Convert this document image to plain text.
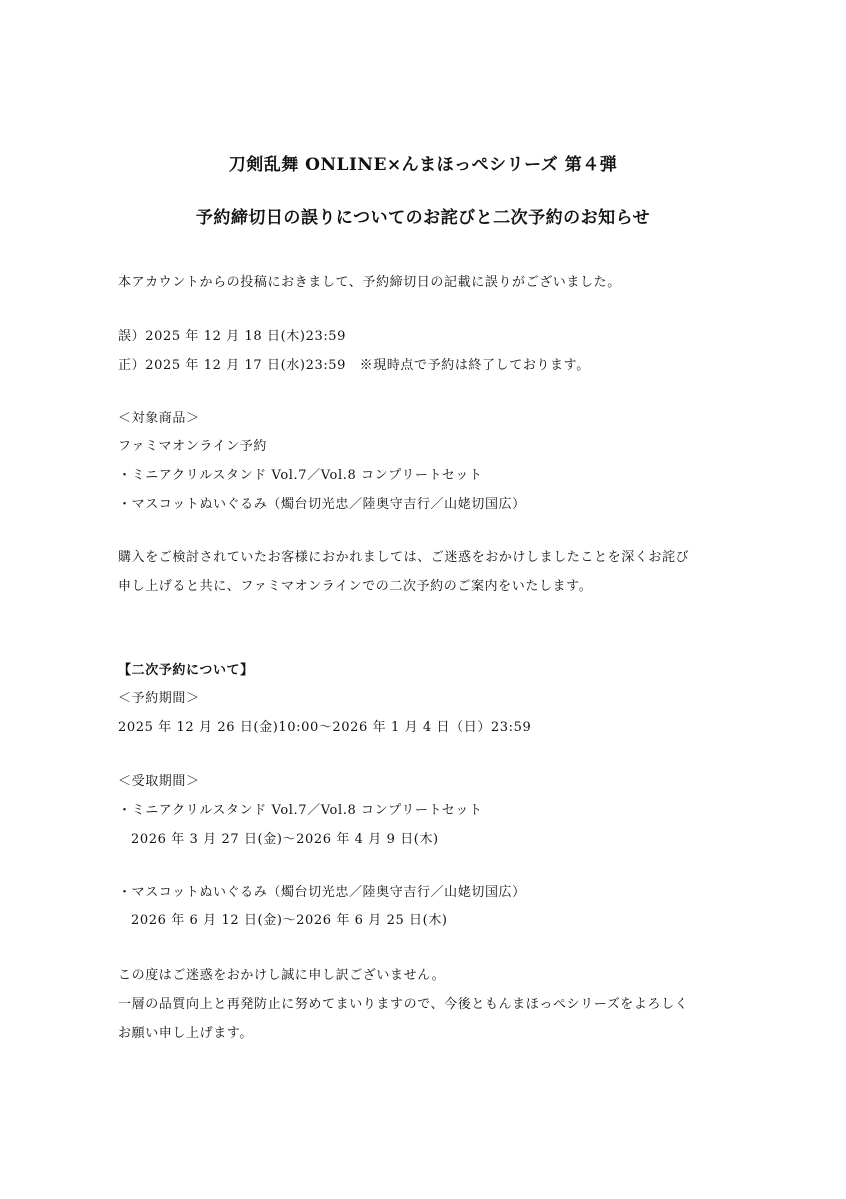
刀剣乱舞 ONLINE×んまほっぺシリーズ 第４弾
予約締切日の誤りについてのお詫びと二次予約のお知らせ
本アカウントからの投稿におきまして、予約締切日の記載に誤りがございました。
誤）2025 年 12 月 18 日(木)23:59
正）2025 年 12 月 17 日(水)23:59　※現時点で予約は終了しております。
＜対象商品＞
ファミマオンライン予約
・ミニアクリルスタンド Vol.7／Vol.8 コンプリートセット
・マスコットぬいぐるみ（燭台切光忠／陸奥守吉行／山姥切国広）
購入をご検討されていたお客様におかれましては、ご迷惑をおかけしましたことを深くお詫び
申し上げると共に、ファミマオンラインでの二次予約のご案内をいたします。
【二次予約について】
＜予約期間＞
2025 年 12 月 26 日(金)10:00～2026 年 1 月 4 日（日）23:59
＜受取期間＞
・ミニアクリルスタンド Vol.7／Vol.8 コンプリートセット
2026 年 3 月 27 日(金)～2026 年 4 月 9 日(木)
・マスコットぬいぐるみ（燭台切光忠／陸奥守吉行／山姥切国広）
2026 年 6 月 12 日(金)～2026 年 6 月 25 日(木)
この度はご迷惑をおかけし誠に申し訳ございません。
一層の品質向上と再発防止に努めてまいりますので、今後ともんまほっぺシリーズをよろしく
お願い申し上げます。
